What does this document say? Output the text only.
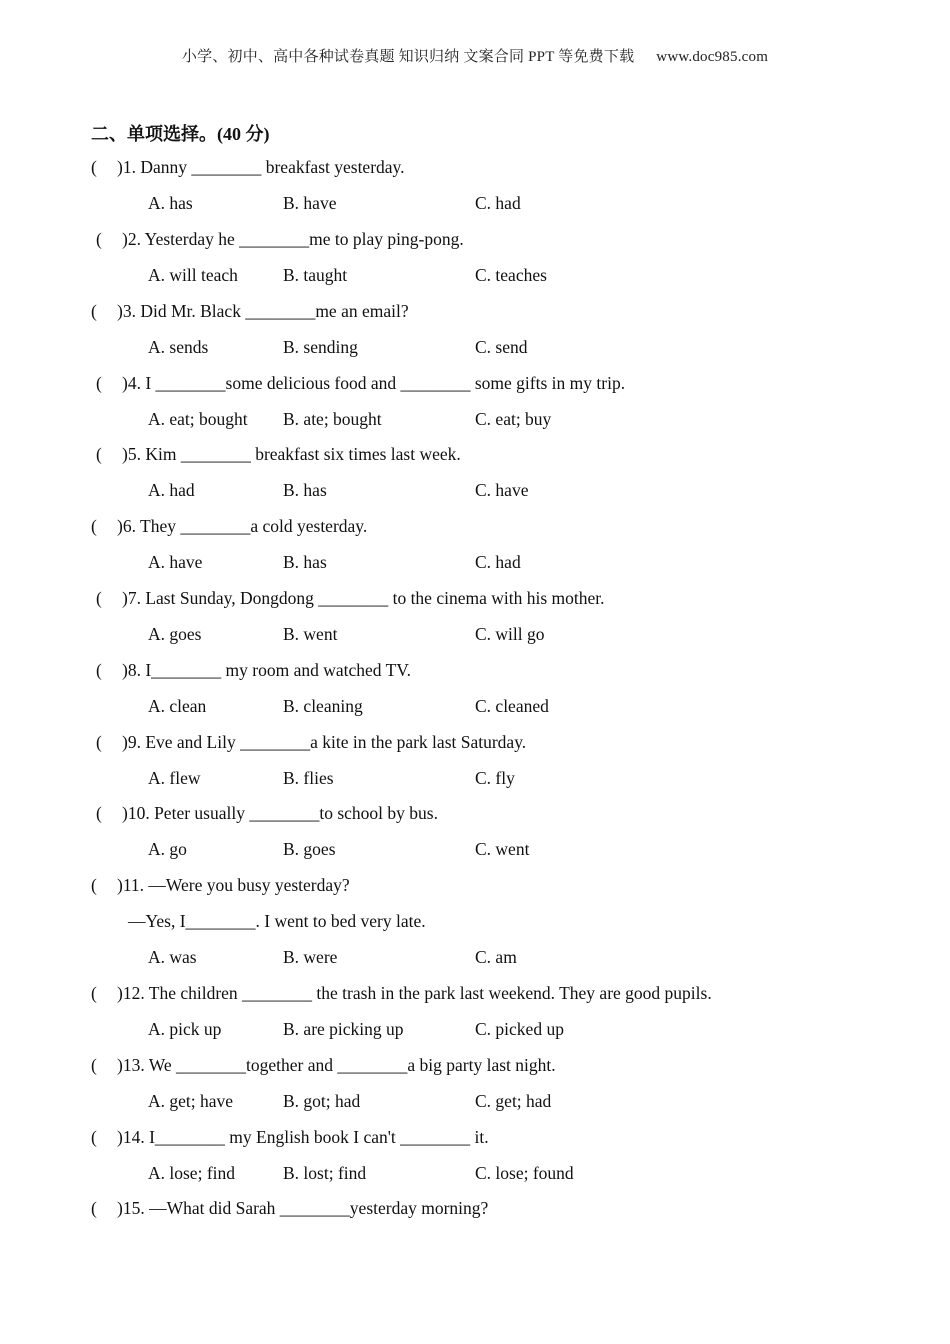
小学、初中、高中各种试卷真题 知识归纳 文案合同 PPT 等免费下载 www.doc985.com
二、单项选择。(40 分)
( )1. Danny ________ breakfast yesterday.
A. has	B. have	C. had
( )2. Yesterday he ________me to play ping-pong.
A. will teach	B. taught	C. teaches
( )3. Did Mr. Black ________me an email?
A. sends	B. sending	C. send
( )4. I ________some delicious food and ________ some gifts in my trip.
A. eat; bought B. ate; bought	C. eat; buy
( )5. Kim ________ breakfast six times last week.
A. had	B. has	C. have
( )6. They ________a cold yesterday.
A. have	B. has	C. had
( )7. Last Sunday, Dongdong ________ to the cinema with his mother.
A. goes	B. went	C. will go
( )8. I________ my room and watched TV.
A. clean	B. cleaning	C. cleaned
( )9. Eve and Lily ________a kite in the park last Saturday.
A. flew	B. flies	C. fly
( )10. Peter usually ________to school by bus.
A. go	B. goes	C. went
( )11. —Were you busy yesterday?
—Yes, I________. I went to bed very late.
A. was	B. were	C. am
( )12. The children ________ the trash in the park last weekend. They are good pupils.
A. pick up	B. are picking up	C. picked up
( )13. We ________together and ________a big party last night.
A. get; have	B. got; had	C. get; had
( )14. I________ my English book I can't ________ it.
A. lose; find	B. lost; find	C. lose; found
( )15. —What did Sarah ________yesterday morning?
